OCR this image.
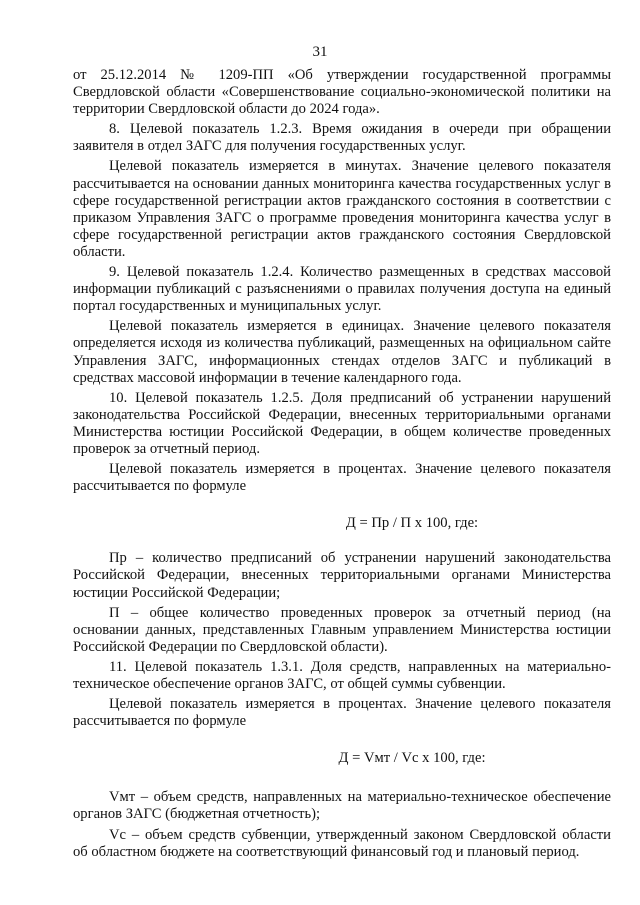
31

от 25.12.2014 № 1209-ПП «Об утверждении государственной программы Свердловской области «Совершенствование социально-экономической политики на территории Свердловской области до 2024 года».

8. Целевой показатель 1.2.3. Время ожидания в очереди при обращении заявителя в отдел ЗАГС для получения государственных услуг.

Целевой показатель измеряется в минутах. Значение целевого показателя рассчитывается на основании данных мониторинга качества государственных услуг в сфере государственной регистрации актов гражданского состояния в соответствии с приказом Управления ЗАГС о программе проведения мониторинга качества услуг в сфере государственной регистрации актов гражданского состояния Свердловской области.

9. Целевой показатель 1.2.4. Количество размещенных в средствах массовой информации публикаций с разъяснениями о правилах получения доступа на единый портал государственных и муниципальных услуг.

Целевой показатель измеряется в единицах. Значение целевого показателя определяется исходя из количества публикаций, размещенных на официальном сайте Управления ЗАГС, информационных стендах отделов ЗАГС и публикаций в средствах массовой информации в течение календарного года.

10. Целевой показатель 1.2.5. Доля предписаний об устранении нарушений законодательства Российской Федерации, внесенных территориальными органами Министерства юстиции Российской Федерации, в общем количестве проведенных проверок за отчетный период.

Целевой показатель измеряется в процентах. Значение целевого показателя рассчитывается по формуле

Д = Пр / П х 100, где:

Пр – количество предписаний об устранении нарушений законодательства Российской Федерации, внесенных территориальными органами Министерства юстиции Российской Федерации;

П – общее количество проведенных проверок за отчетный период (на основании данных, представленных Главным управлением Министерства юстиции Российской Федерации по Свердловской области).

11. Целевой показатель 1.3.1. Доля средств, направленных на материально-техническое обеспечение органов ЗАГС, от общей суммы субвенции.

Целевой показатель измеряется в процентах. Значение целевого показателя рассчитывается по формуле

Д = Vмт / Vс х 100, где:

Vмт – объем средств, направленных на материально-техническое обеспечение органов ЗАГС (бюджетная отчетность);

Vс – объем средств субвенции, утвержденный законом Свердловской области об областном бюджете на соответствующий финансовый год и плановый период.
